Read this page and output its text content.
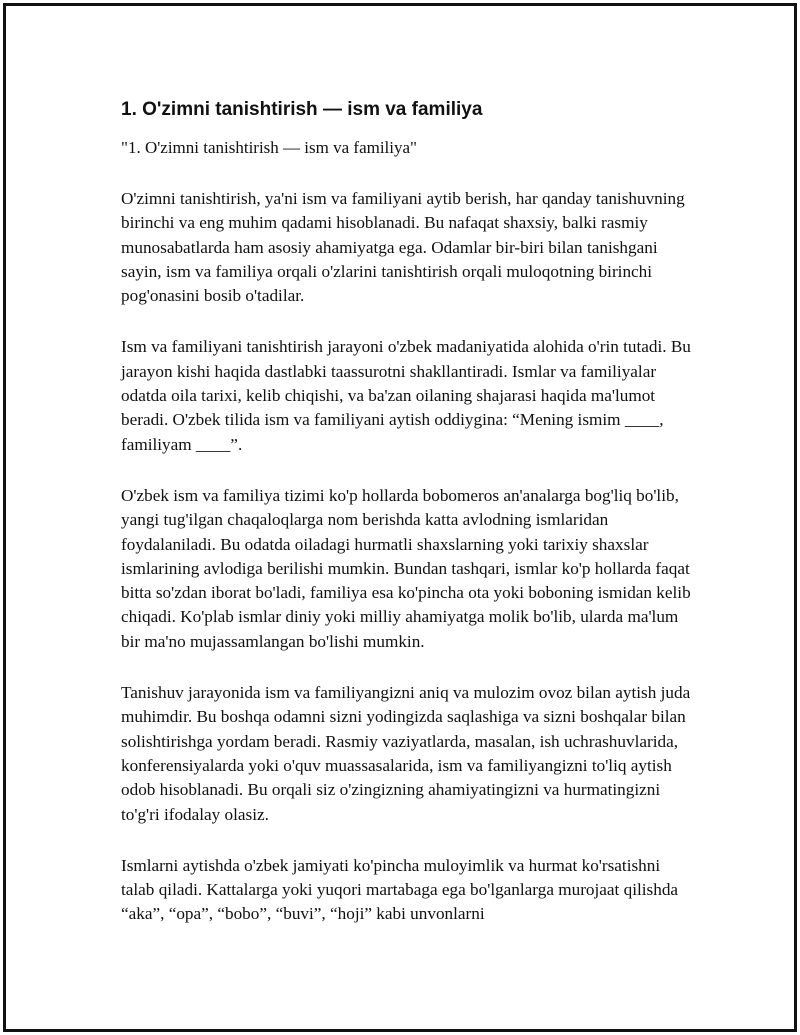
1. O'zimni tanishtirish — ism va familiya
"1. O'zimni tanishtirish — ism va familiya"

O'zimni tanishtirish, ya'ni ism va familiyani aytib berish, har qanday tanishuvning birinchi va eng muhim qadami hisoblanadi. Bu nafaqat shaxsiy, balki rasmiy munosabatlarda ham asosiy ahamiyatga ega. Odamlar bir-biri bilan tanishgani sayin, ism va familiya orqali o'zlarini tanishtirish orqali muloqotning birinchi pog'onasini bosib o'tadilar.

Ism va familiyani tanishtirish jarayoni o'zbek madaniyatida alohida o'rin tutadi. Bu jarayon kishi haqida dastlabki taassurotni shakllantiradi. Ismlar va familiyalar odatda oila tarixi, kelib chiqishi, va ba'zan oilaning shajarasi haqida ma'lumot beradi. O'zbek tilida ism va familiyani aytish oddiygina: “Mening ismim ____, familiyam ____”.

O'zbek ism va familiya tizimi ko'p hollarda bobomeros an'analarga bog'liq bo'lib, yangi tug'ilgan chaqaloqlarga nom berishda katta avlodning ismlaridan foydalaniladi. Bu odatda oiladagi hurmatli shaxslarning yoki tarixiy shaxslar ismlarining avlodiga berilishi mumkin. Bundan tashqari, ismlar ko'p hollarda faqat bitta so'zdan iborat bo'ladi, familiya esa ko'pincha ota yoki boboning ismidan kelib chiqadi. Ko'plab ismlar diniy yoki milliy ahamiyatga molik bo'lib, ularda ma'lum bir ma'no mujassamlangan bo'lishi mumkin.

Tanishuv jarayonida ism va familiyangizni aniq va mulozim ovoz bilan aytish juda muhimdir. Bu boshqa odamni sizni yodingizda saqlashiga va sizni boshqalar bilan solishtirishga yordam beradi. Rasmiy vaziyatlarda, masalan, ish uchrashuvlarida, konferensiyalarda yoki o'quv muassasalarida, ism va familiyangizni to'liq aytish odob hisoblanadi. Bu orqali siz o'zingizning ahamiyatingizni va hurmatingizni to'g'ri ifodalay olasiz.

Ismlarni aytishda o'zbek jamiyati ko'pincha muloyimlik va hurmat ko'rsatishni talab qiladi. Kattalarga yoki yuqori martabaga ega bo'lganlarga murojaat qilishda “aka”, “opa”, “bobo”, “buvi”, “hoji” kabi unvonlarni
